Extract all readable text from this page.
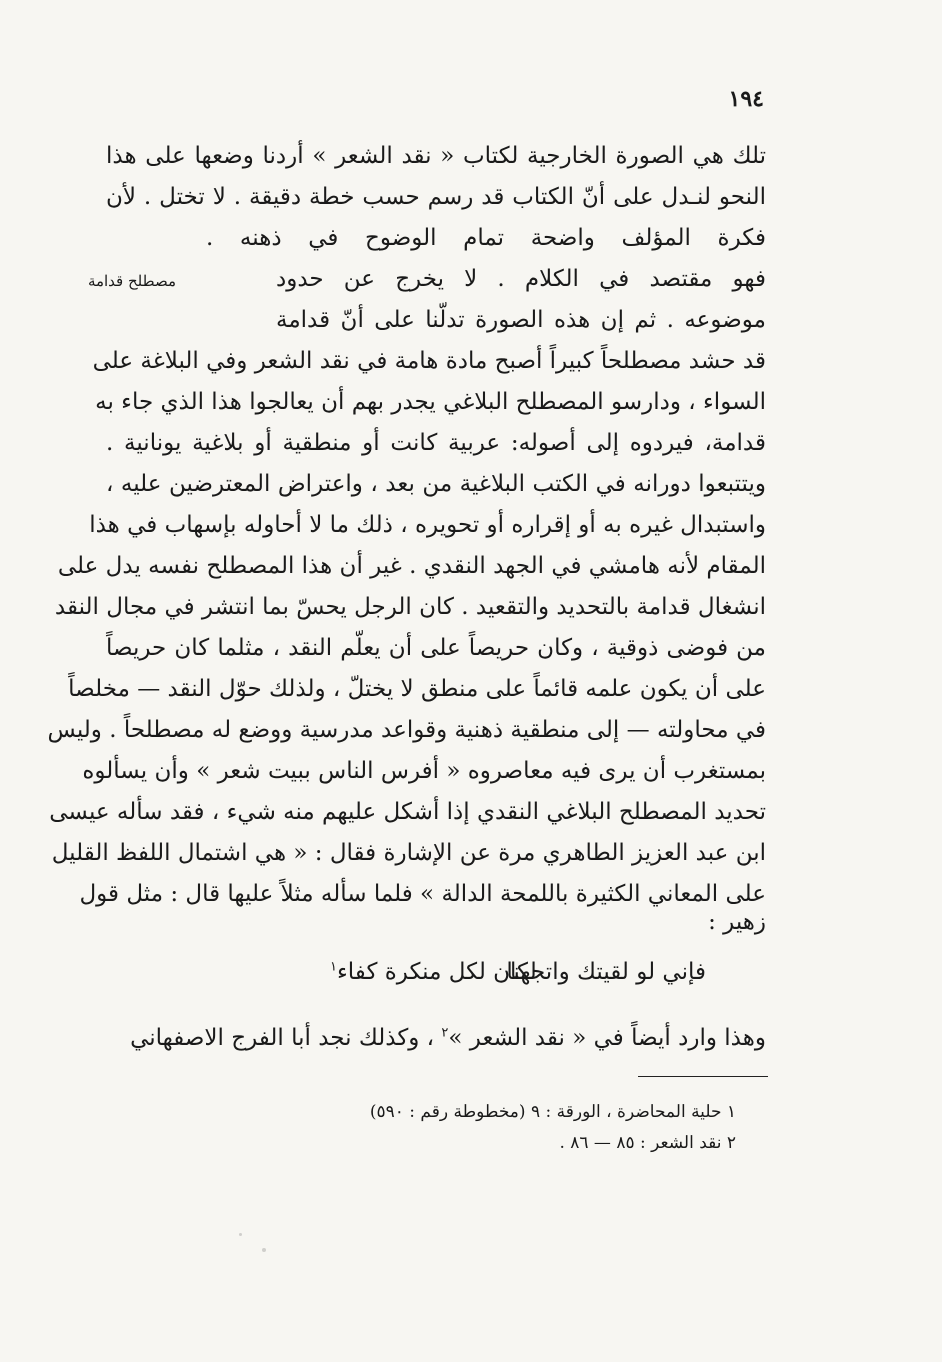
١٩٤
تلك هي الصورة الخارجية لكتاب « نقد الشعر » أردنا وضعها على هذا
النحو لنـدل على أنّ الكتاب قد رسم حسب خطة دقيقة . لا تختل . لأن
فكرة المؤلف واضحة تمام الوضوح في ذهنه .
فهو مقتصد في الكلام . لا يخرج عن حدود
مصطلح قدامة
موضوعه . ثم إن هذه الصورة تدلّنا على أنّ قدامة
قد حشد مصطلحاً كبيراً أصبح مادة هامة في نقد الشعر وفي البلاغة على
السواء ، ودارسو المصطلح البلاغي يجدر بهم أن يعالجوا هذا الذي جاء به
قدامة، فيردوه إلى أصوله: عربية كانت أو منطقية أو بلاغية يونانية .
ويتتبعوا دورانه في الكتب البلاغية من بعد ، واعتراض المعترضين عليه ،
واستبدال غيره به أو إقراره أو تحويره ، ذلك ما لا أحاوله بإسهاب في هذا
المقام لأنه هامشي في الجهد النقدي . غير أن هذا المصطلح نفسه يدل على
انشغال قدامة بالتحديد والتقعيد . كان الرجل يحسّ بما انتشر في مجال النقد
من فوضى ذوقية ، وكان حريصاً على أن يعلّم النقد ، مثلما كان حريصاً
على أن يكون علمه قائماً على منطق لا يختلّ ، ولذلك حوّل النقد — مخلصاً
في محاولته — إلى منطقية ذهنية وقواعد مدرسية ووضع له مصطلحاً . وليس
بمستغرب أن يرى فيه معاصروه « أفرس الناس ببيت شعر » وأن يسألوه
تحديد المصطلح البلاغي النقدي إذا أشكل عليهم منه شيء ، فقد سأله عيسى
ابن عبد العزيز الطاهري مرة عن الإشارة فقال : « هي اشتمال اللفظ القليل
على المعاني الكثيرة باللمحة الدالة » فلما سأله مثلاً عليها قال : مثل قول
زهير :
فإني لو لقيتك واتجهنا
لكان لكل منكرة كفاء$^١$
وهذا وارد أيضاً في « نقد الشعر »$^٢$ ، وكذلك نجد أبا الفرج الاصفهاني
١ حلية المحاضرة ، الورقة : ٩ (مخطوطة رقم : ٥٩٠)
٢ نقد الشعر : ٨٥ — ٨٦ .
